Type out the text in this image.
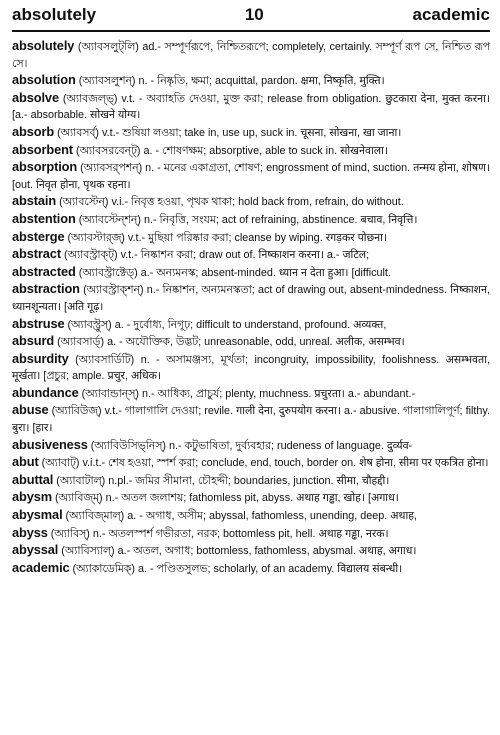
absolutely	10	academic

absolutely (অ্যাবসলুট্‌লি) ad.- সম্পূর্ণরূপে, নিশ্চিতরূপে; completely, certainly. সম্পূর্ণ রূপ সে, নিশ্চিত রূপ সে।

absolution (অ্যাবসলুশন্‌) n. - নিষ্কৃতি, ক্ষমা; acquittal, pardon. क्षमा, निष्कृति, मुक्ति।

absolve (অ্যাবজল্‌ভ্‌) v.t. - অব্যাহতি দেওয়া, মুক্ত করা; release from obligation. छुटकारा देना, मुक्त करना। [a.- absorbable. सोखने योग्य।

absorb (অ্যাবসর্ব্‌) v.t.- শুষিয়া লওয়া; take in, use up, suck in. चूसना, सोखना, खा जाना।

absorbent (অ্যাবসরবেন্ট্‌) a. - শোষণক্ষম; absorptive, able to suck in. सोखनेवाला।

absorption (অ্যাবসর্‌পশন্‌) n. - মনের একাগ্রতা, শোষণ; engrossment of mind, suction. तन्मय होना, शोषण। [out. निवृत होना, पृथक रहना।

abstain (অ্যাবস্টেন্‌) v.i.- নিবৃত্ত হওয়া, পৃথক থাকা; hold back from, refrain, do without.

abstention (অ্যাবস্টেন্‌শন্‌) n.- নিবৃত্তি, সংযম; act of refraining, abstinence. बचाव, निवृत्ति।

absterge (অ্যাবস্টার্‌জ্‌) v.t.- মুছিয়া পরিষ্কার করা; cleanse by wiping. रगड़कर पोछना।

abstract (অ্যাবস্ট্রাক্ট্‌) v.t.- নিষ্কাশন করা; draw out of. निष्काशन करना। a.- जटिल;

abstracted (অ্যাবস্ট্রাক্টেড্‌) a.- অন্যমনস্ক; absent-minded. ध्यान न देता हुआ। [difficult.

abstraction (অ্যাবস্ট্রাক্‌শন্‌) n.- নিষ্কাশন, অন্যমনস্কতা; act of drawing out, absent-mindedness. निष्काशन, ध्यानशून्यता। [अति गूढ़।

abstruse (অ্যাবস্ট্রুস্‌) a. - দুর্বোধ্য, নিগূঢ়; difficult to understand, profound. अव्यक्त,

absurd (অ্যাবসার্ড্‌) a. - অযৌক্তিক, উদ্ভট; unreasonable, odd, unreal. अलीक, असम्भव।

absurdity (অ্যাবসার্ডিটি) n. - অসামঞ্জস্য, মূর্খতা; incongruity, impossibility, foolishness. असम्भवता, मूर्खता। [প্রচুর; ample. प्रचुर, अधिक।

abundance (অ্যাবান্ডান্স্‌) n.- আধিক্য, প্রাচুর্য; plenty, muchness. प्रचुरता। a.- abundant.-

abuse (অ্যাবিউজ্‌) v.t.- গালাগালি দেওয়া; revile. गाली देना, दुरुपयोग करना। a.- abusive. গালাগালিপূর্ণ; filthy. बुरा। [हार।

abusiveness (অ্যাবিউসিভ্‌নিস্‌) n.- কটুভাষিতা, দুর্ব্যবহার; rudeness of language. दुर्व्यव-

abut (অ্যাবাট্‌) v.i.t.- শেষ হওয়া, স্পর্শ করা; conclude, end, touch, border on. शेष होना, सीमा पर एकत्रित होना।

abuttal (অ্যাবাটাল্‌) n.pl.- জমির সীমানা, চৌহদ্দী; boundaries, junction. सीमा, चौहद्दी।

abysm (অ্যাবিজ্‌ম্‌) n.- অতল জলাশয়; fathomless pit, abyss. अथाह गड्ढा, खोह। [अगाध।

abysmal (অ্যাবিজ্‌মাল্‌) a. - অগাধ, অসীম; abyssal, fathomless, unending, deep. अथाह,

abyss (অ্যাবিস্‌) n.- অতলস্পর্শ গভীরতা, নরক; bottomless pit, hell. अथाह गड्ढा, नरक।

abyssal (অ্যাবিস্যাল্‌) a.- অতল, অগাধ; bottomless, fathomless, abysmal. अथाह, अगाध।

academic (অ্যাকাডেমিক্‌) a. - পণ্ডিতসুলভ; scholarly, of an academy. विद्यालय संबन्धी।
